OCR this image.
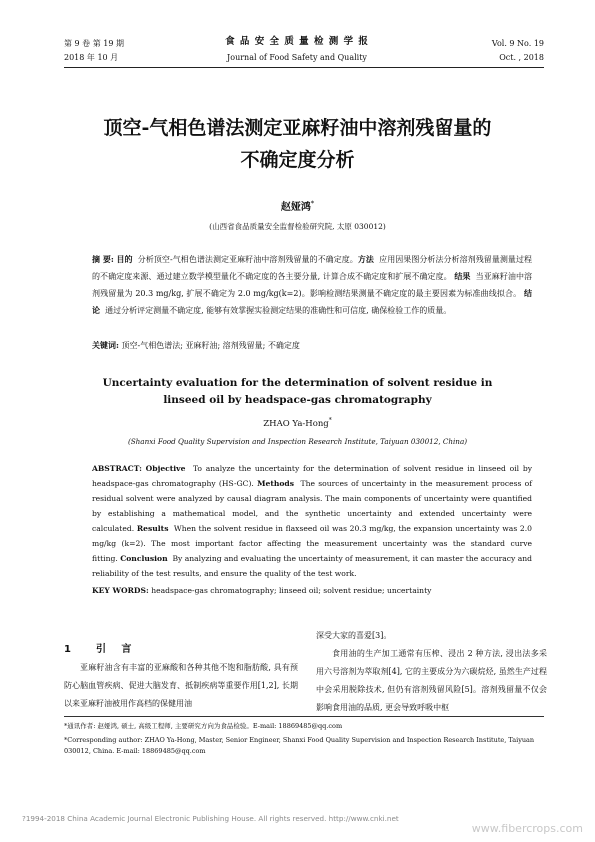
第 9 卷 第 19 期
2018 年 10 月
食 品 安 全 质 量 检 测 学 报
Journal of Food Safety and Quality
Vol. 9 No. 19
Oct. , 2018
顶空-气相色谱法测定亚麻籽油中溶剂残留量的
不确定度分析
赵娅鸿*
(山西省食品质量安全监督检验研究院, 太原 030012)
摘 要: 目的 分析顶空-气相色谱法测定亚麻籽油中溶剂残留量的不确定度。方法 应用因果图分析法分析溶剂残留量测量过程的不确定度来源、通过建立数学模型量化不确定度的各主要分量, 计算合成不确定度和扩展不确定度。 结果 当亚麻籽油中溶剂残留量为 20.3 mg/kg, 扩展不确定为 2.0 mg/kg(k=2)。影响检测结果测量不确定度的最主要因素为标准曲线拟合。 结论 通过分析评定测量不确定度, 能够有效掌握实验测定结果的准确性和可信度, 确保检验工作的质量。
关键词: 顶空-气相色谱法; 亚麻籽油; 溶剂残留量; 不确定度
Uncertainty evaluation for the determination of solvent residue in
linseed oil by headspace-gas chromatography
ZHAO Ya-Hong*
(Shanxi Food Quality Supervision and Inspection Research Institute, Taiyuan 030012, China)
ABSTRACT: Objective To analyze the uncertainty for the determination of solvent residue in linseed oil by headspace-gas chromatography (HS-GC). Methods The sources of uncertainty in the measurement process of residual solvent were analyzed by causal diagram analysis. The main components of uncertainty were quantified by establishing a mathematical model, and the synthetic uncertainty and extended uncertainty were calculated. Results When the solvent residue in flaxseed oil was 20.3 mg/kg, the expansion uncertainty was 2.0 mg/kg (k=2). The most important factor affecting the measurement uncertainty was the standard curve fitting. Conclusion By analyzing and evaluating the uncertainty of measurement, it can master the accuracy and reliability of the test results, and ensure the quality of the test work.
KEY WORDS: headspace-gas chromatography; linseed oil; solvent residue; uncertainty
1 引 言
亚麻籽油含有丰富的亚麻酸和各种其他不饱和脂肪酸, 具有预防心脑血管疾病、促进大脑发育、抵制疾病等重要作用[1,2], 长期以来亚麻籽油被用作高档的保健用油
深受大家的喜爱[3]。
食用油的生产加工通常有压榨、浸出 2 种方法, 浸出法多采用六号溶剂为萃取剂[4], 它的主要成分为六碳烷烃, 虽然生产过程中会采用脱除技术, 但仍有溶剂残留风险[5]。溶剂残留量不仅会影响食用油的品质, 更会导致呼吸中枢
*通讯作者: 赵娅鸿, 硕士, 高级工程师, 主要研究方向为食品检验。E-mail: 18869485@qq.com
*Corresponding author: ZHAO Ya-Hong, Master, Senior Engineer, Shanxi Food Quality Supervision and Inspection Research Institute, Taiyuan 030012, China. E-mail: 18869485@qq.com
?1994-2018 China Academic Journal Electronic Publishing House. All rights reserved. http://www.cnki.net
www.fibercrops.com
